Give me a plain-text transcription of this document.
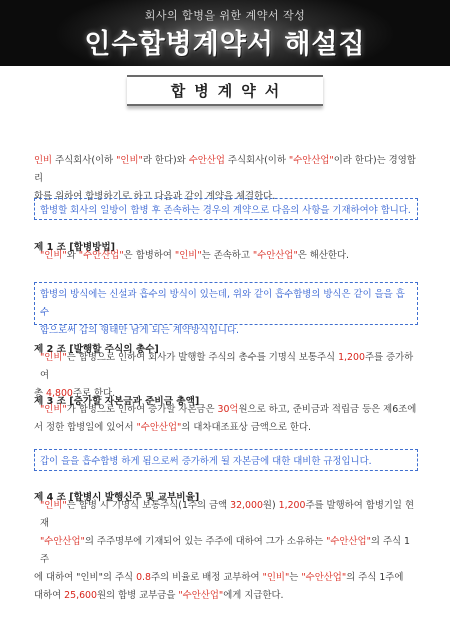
회사의 합병을 위한 계약서 작성
인수합병계약서 해설집
합병계약서
인비 주식회사(이하 "인비"라 한다)와 수안산업 주식회사(이하 "수안산업"이라 한다)는 경영합리
화를 위하여 합병하기로 하고 다음과 같이 계약을 체결한다.
합병할 회사의 일방이 합병 후 존속하는 경우의 계약으로 다음의 사항을 기재하여야 합니다.
제 1 조 [합병방법]
"인비"와 "수안산업"은 합병하여 "인비"는 존속하고 "수안산업"은 해산한다.
합병의 방식에는 신설과 흡수의 방식이 있는데, 위와 같이 흡수합병의 방식은 같이 을을 흡수
함으로써 갑의 형태만 남게 되는 계약방식입니다.
제 2 조 [발행할 주식의 총수]
"인비"는 합병으로 인하여 회사가 발행할 주식의 총수를 기명식 보통주식 1,200주를 증가하여
총 4,800주로 한다.
제 3 조 [증가할 자본금과 준비금 총액]
"인비"가 합병으로 인하여 증가할 자본금은 30억원으로 하고, 준비금과 적립금 등은 제6조에
서 정한 합병일에 있어서 "수안산업"의 대차대조표상 금액으로 한다.
갑이 을을 흡수합병 하게 됨으로써 증가하게 될 자본금에 대한 대비한 규정입니다.
제 4 조 [합병시 발행신주 및 교부비율]
"인비"는 합병 시 기명식 보통주식(1주의 금액 32,000원) 1,200주를 발행하여 합병기일 현재
"수안산업"의 주주명부에 기재되어 있는 주주에 대하여 그가 소유하는 "수안산업"의 주식 1주
에 대하여 "인비"의 주식 0.8주의 비율로 배정 교부하여 "인비"는 "수안산업"의 주식 1주에
대하여 25,600원의 합병 교부금을 "수안산업"에게 지급한다.
